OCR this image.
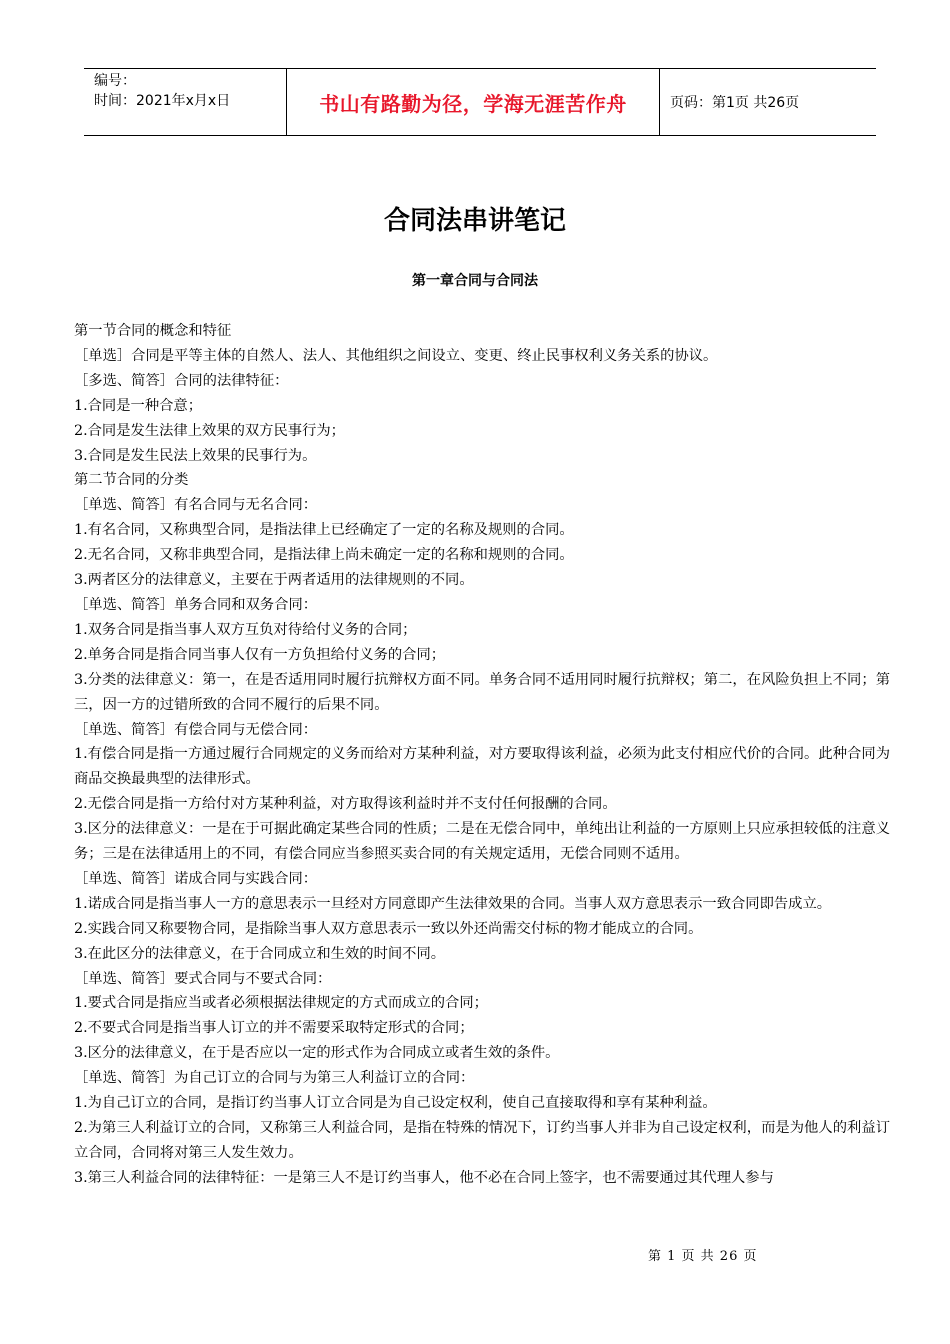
编号：
时间：2021年x月x日	书山有路勤为径，学海无涯苦作舟	页码：第1页 共26页
合同法串讲笔记
第一章合同与合同法

第一节合同的概念和特征

［单选］合同是平等主体的自然人、法人、其他组织之间设立、变更、终止民事权利义务关系的协议。

［多选、简答］合同的法律特征：

1.合同是一种合意；

2.合同是发生法律上效果的双方民事行为；

3.合同是发生民法上效果的民事行为。

第二节合同的分类

［单选、简答］有名合同与无名合同：

1.有名合同，又称典型合同，是指法律上已经确定了一定的名称及规则的合同。

2.无名合同，又称非典型合同，是指法律上尚未确定一定的名称和规则的合同。

3.两者区分的法律意义，主要在于两者适用的法律规则的不同。

［单选、简答］单务合同和双务合同：

1.双务合同是指当事人双方互负对待给付义务的合同；

2.单务合同是指合同当事人仅有一方负担给付义务的合同；

3.分类的法律意义：第一，在是否适用同时履行抗辩权方面不同。单务合同不适用同时履行抗辩权；第二，在风险负担上不同；第三，因一方的过错所致的合同不履行的后果不同。

［单选、简答］有偿合同与无偿合同：

1.有偿合同是指一方通过履行合同规定的义务而给对方某种利益，对方要取得该利益，必须为此支付相应代价的合同。此种合同为商品交换最典型的法律形式。

2.无偿合同是指一方给付对方某种利益，对方取得该利益时并不支付任何报酬的合同。

3.区分的法律意义：一是在于可据此确定某些合同的性质；二是在无偿合同中，单纯出让利益的一方原则上只应承担较低的注意义务；三是在法律适用上的不同，有偿合同应当参照买卖合同的有关规定适用，无偿合同则不适用。

［单选、简答］诺成合同与实践合同：

1.诺成合同是指当事人一方的意思表示一旦经对方同意即产生法律效果的合同。当事人双方意思表示一致合同即告成立。

2.实践合同又称要物合同，是指除当事人双方意思表示一致以外还尚需交付标的物才能成立的合同。

3.在此区分的法律意义，在于合同成立和生效的时间不同。

［单选、简答］要式合同与不要式合同：

1.要式合同是指应当或者必须根据法律规定的方式而成立的合同；

2.不要式合同是指当事人订立的并不需要采取特定形式的合同；

3.区分的法律意义，在于是否应以一定的形式作为合同成立或者生效的条件。

［单选、简答］为自己订立的合同与为第三人利益订立的合同：

1.为自己订立的合同，是指订约当事人订立合同是为自己设定权利，使自己直接取得和享有某种利益。

2.为第三人利益订立的合同，又称第三人利益合同，是指在特殊的情况下，订约当事人并非为自己设定权利，而是为他人的利益订立合同，合同将对第三人发生效力。

3.第三人利益合同的法律特征：一是第三人不是订约当事人，他不必在合同上签字，也不需要通过其代理人参与

第 1 页 共 26 页
